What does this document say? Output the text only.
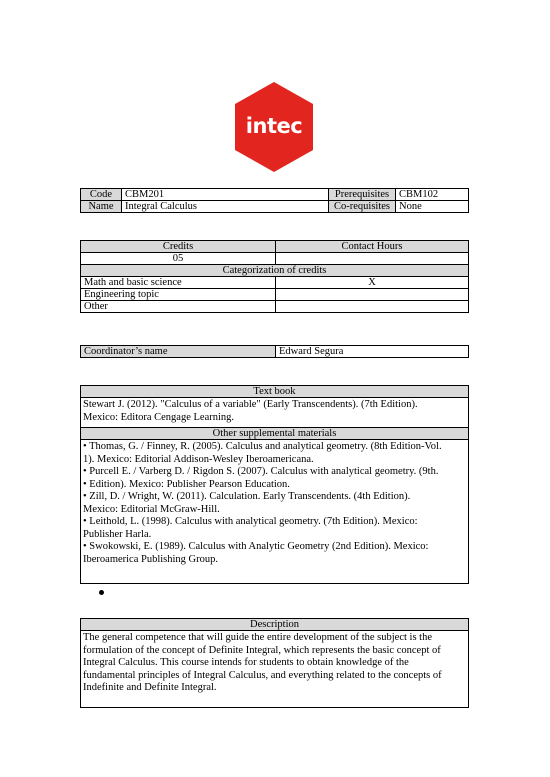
intec
Code	CBM201	Prerequisites	CBM102
Name	Integral Calculus	Co-requisites	None
Credits	Contact Hours
05	
Categorization of credits	
Math and basic science	X
Engineering topic	
Other	
Coordinator’s name	Edward Segura
Text book

Stewart J. (2012). "Calculus of a variable" (Early Transcendents). (7th Edition).
Mexico: Editora Cengage Learning.

Other supplemental materials

• Thomas, G. / Finney, R. (2005). Calculus and analytical geometry. (8th Edition-Vol.
1). Mexico: Editorial Addison-Wesley Iberoamericana.
• Purcell E. / Varberg D. / Rigdon S. (2007). Calculus with analytical geometry. (9th.
• Edition). Mexico: Publisher Pearson Education.
• Zill, D. / Wright, W. (2011). Calculation. Early Transcendents. (4th Edition).
Mexico: Editorial McGraw-Hill.
• Leithold, L. (1998). Calculus with analytical geometry. (7th Edition). Mexico:
Publisher Harla.
• Swokowski, E. (1989). Calculus with Analytic Geometry (2nd Edition). Mexico:
Iberoamerica Publishing Group.
Description

The general competence that will guide the entire development of the subject is the
formulation of the concept of Definite Integral, which represents the basic concept of
Integral Calculus. This course intends for students to obtain knowledge of the
fundamental principles of Integral Calculus, and everything related to the concepts of
Indefinite and Definite Integral.
